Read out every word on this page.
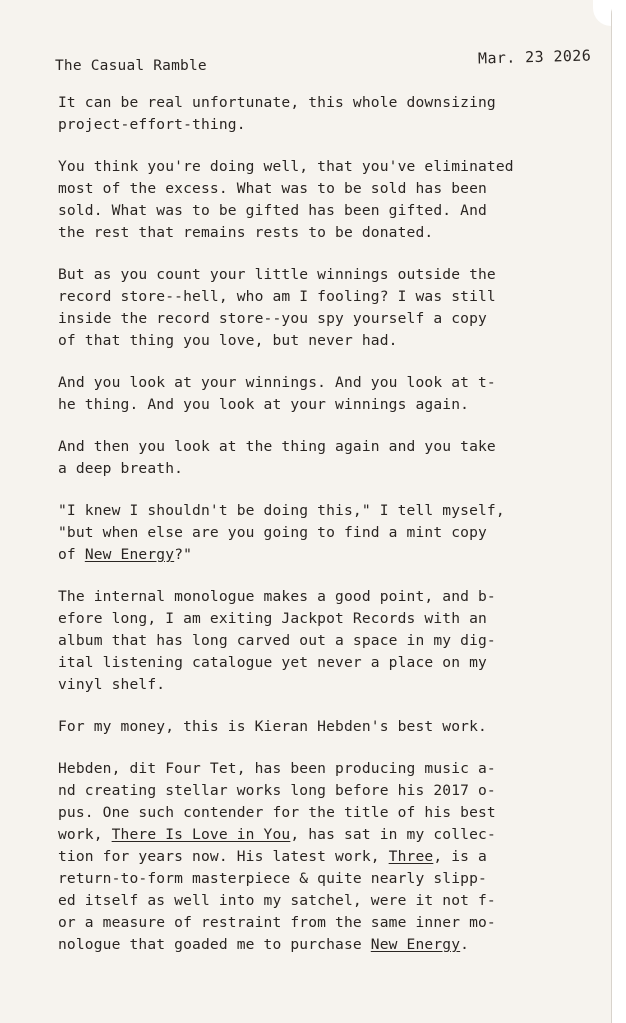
The Casual Ramble	Mar. 23 2026
It can be real unfortunate, this whole downsizing
project-effort-thing.
You think you're doing well, that you've eliminated
most of the excess. What was to be sold has been
sold. What was to be gifted has been gifted. And
the rest that remains rests to be donated.
But as you count your little winnings outside the
record store--hell, who am I fooling? I was still
inside the record store--you spy yourself a copy
of that thing you love, but never had.
And you look at your winnings. And you look at t-
he thing. And you look at your winnings again.
And then you look at the thing again and you take
a deep breath.
"I knew I shouldn't be doing this," I tell myself,
"but when else are you going to find a mint copy
of New Energy?"
The internal monologue makes a good point, and b-
efore long, I am exiting Jackpot Records with an
album that has long carved out a space in my dig-
ital listening catalogue yet never a place on my
vinyl shelf.
For my money, this is Kieran Hebden's best work.
Hebden, dit Four Tet, has been producing music a-
nd creating stellar works long before his 2017 o-
pus. One such contender for the title of his best
work, There Is Love in You, has sat in my collec-
tion for years now. His latest work, Three, is a
return-to-form masterpiece & quite nearly slipp-
ed itself as well into my satchel, were it not f-
or a measure of restraint from the same inner mo-
nologue that goaded me to purchase New Energy.
